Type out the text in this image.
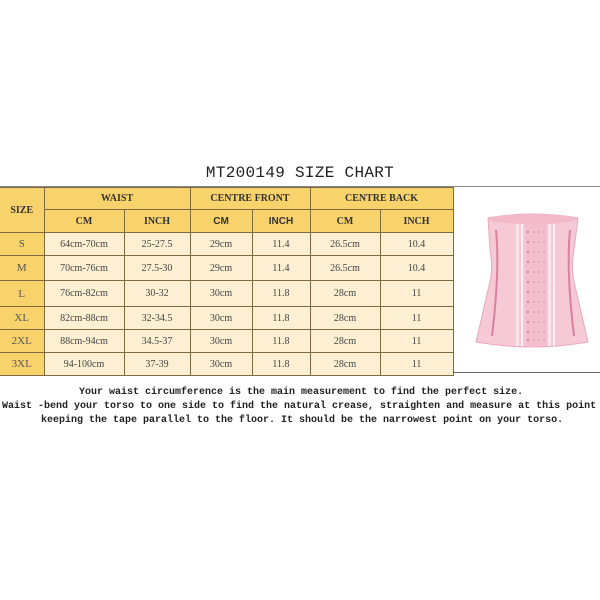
MT200149 SIZE CHART
SIZE	WAIST		CENTRE FRONT		CENTRE BACK	
	CM	INCH	CM	INCH	CM	INCH
S	64cm-70cm	25-27.5	29cm	11.4	26.5cm	10.4
M	70cm-76cm	27.5-30	29cm	11.4	26.5cm	10.4
L	76cm-82cm	30-32	30cm	11.8	28cm	11
XL	82cm-88cm	32-34.5	30cm	11.8	28cm	11
2XL	88cm-94cm	34.5-37	30cm	11.8	28cm	11
3XL	94-100cm	37-39	30cm	11.8	28cm	11
Your waist circumference is the main measurement to find the perfect size.
Waist -bend your torso to one side to find the natural crease, straighten and measure at this point
keeping the tape parallel to the floor. It should be the narrowest point on your torso.
